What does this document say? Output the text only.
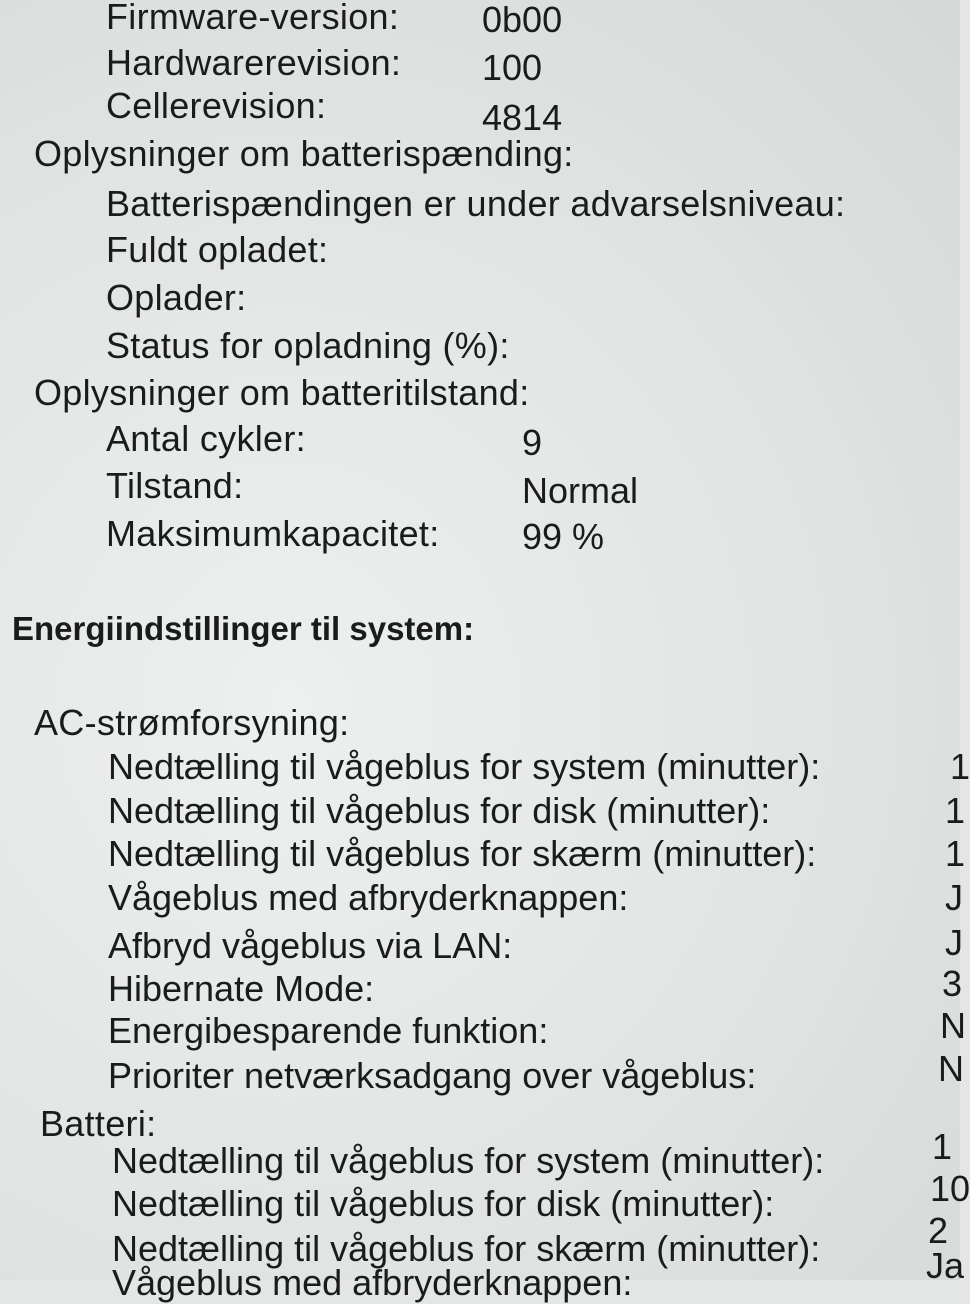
Firmware-version: 0b00
Hardwarerevision: 100
Cellerevision:	4814
Oplysninger om batterispænding:
Batterispændingen er under advarselsniveau:
Fuldt opladet:
Oplader:
Status for opladning (%):
Oplysninger om batteritilstand:
Antal cykler:	9
Tilstand:	Normal
Maksimumkapacitet: 99 %
Energiindstillinger til system:
AC-strømforsyning:
Nedtælling til vågeblus for system (minutter):	1
Nedtælling til vågeblus for disk (minutter):	1
Nedtælling til vågeblus for skærm (minutter):	1
Vågeblus med afbryderknappen:	J
Afbryd vågeblus via LAN:	J
Hibernate Mode:	3
Energibesparende funktion:	N
Prioriter netværksadgang over vågeblus:	N
Batteri:
Nedtælling til vågeblus for system (minutter):	1
Nedtælling til vågeblus for disk (minutter):	10
Nedtælling til vågeblus for skærm (minutter):	2
Vågeblus med afbryderknappen:	Ja
